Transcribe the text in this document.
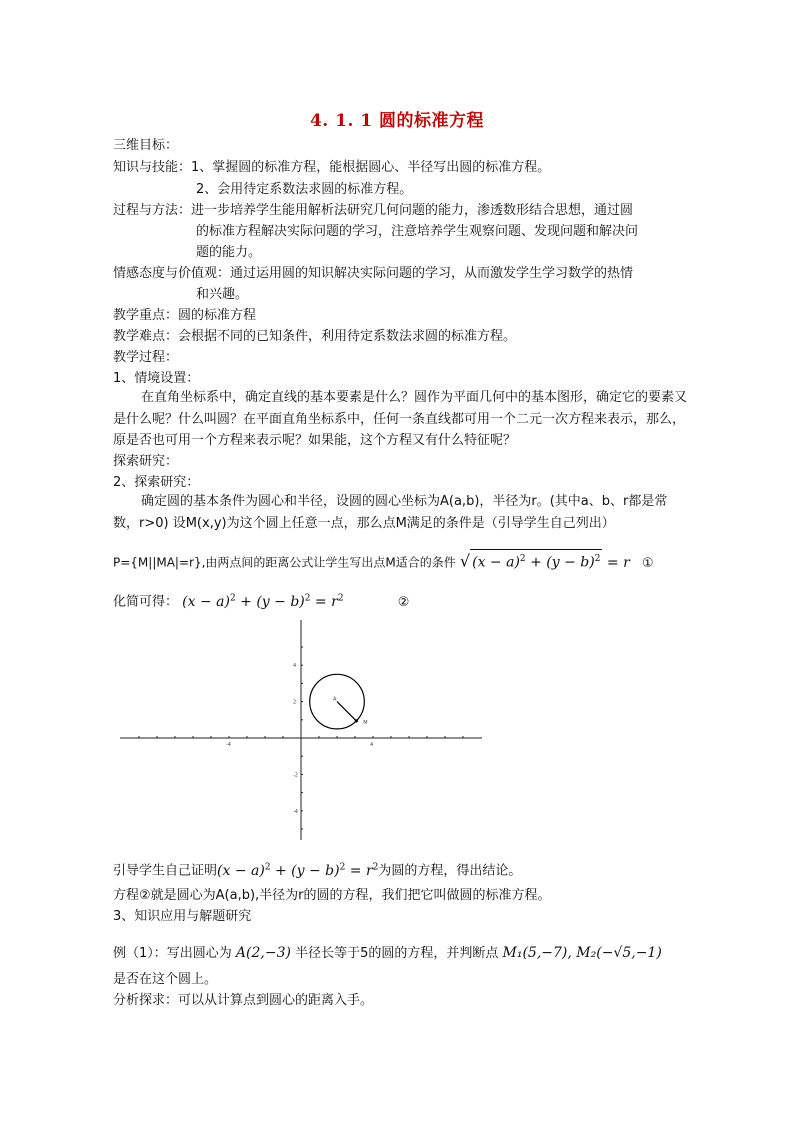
4. 1. 1 圆的标准方程
三维目标：
知识与技能：1、掌握圆的标准方程，能根据圆心、半径写出圆的标准方程。
2、会用待定系数法求圆的标准方程。
过程与方法：进一步培养学生能用解析法研究几何问题的能力，渗透数形结合思想，通过圆
的标准方程解决实际问题的学习，注意培养学生观察问题、发现问题和解决问
题的能力。
情感态度与价值观：通过运用圆的知识解决实际问题的学习，从而激发学生学习数学的热情
和兴趣。
教学重点：圆的标准方程
教学难点：会根据不同的已知条件，利用待定系数法求圆的标准方程。
教学过程：
1、情境设置：
在直角坐标系中，确定直线的基本要素是什么？圆作为平面几何中的基本图形，确定它的要素又是什么呢？什么叫圆？在平面直角坐标系中，任何一条直线都可用一个二元一次方程来表示，那么，原是否也可用一个方程来表示呢？如果能，这个方程又有什么特征呢？
探索研究：
2、探索研究：
确定圆的基本条件为圆心和半径，设圆的圆心坐标为A(a,b)，半径为r。(其中a、b、r都是常数，r>0) 设M(x,y)为这个圆上任意一点，那么点M满足的条件是（引导学生自己列出）
P={M||MA|=r},由两点间的距离公式让学生写出点M适合的条件 √ $(x - a)^2 + (y - b)^2 = r$ ①
化简可得： $(x - a)^2 + (y - b)^2 = r^2$	②
A
M
-4	4
4
2
-2
-4
引导学生自己证明$(x - a)^2 + (y - b)^2 = r^2$为圆的方程，得出结论。
方程②就是圆心为A(a,b),半径为r的圆的方程，我们把它叫做圆的标准方程。
3、知识应用与解题研究
例（1）：写出圆心为 A(2,−3) 半径长等于5的圆的方程，并判断点 M₁(5,−7), M₂(−√5,−1)
是否在这个圆上。
分析探求：可以从计算点到圆心的距离入手。
